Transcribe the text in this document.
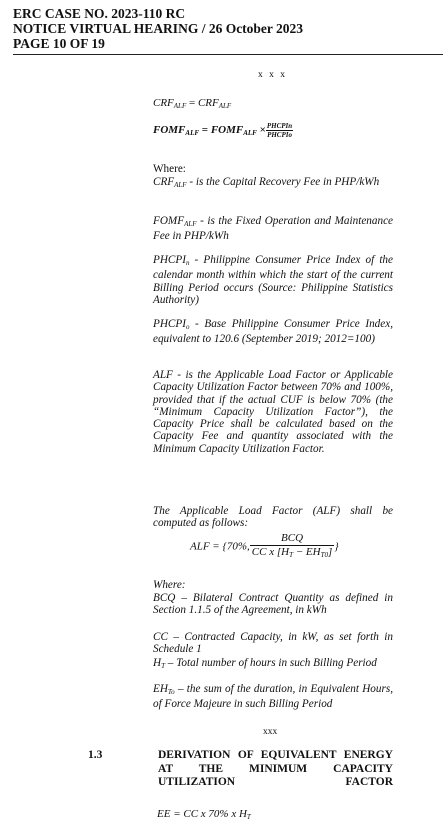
ERC CASE NO. 2023-110 RC
NOTICE VIRTUAL HEARING / 26 October 2023
PAGE 10 OF 19
x x x
$CRF_{ALF} = CRF_{ALF}$
$FOMF_{ALF}$ = $FOMF_{ALF} \times \frac{\text{PHCPIn}}{\text{PHCPIo}}$
Where:
$CRF_{ALF}$ - is the Capital Recovery Fee in PHP/kWh
$FOMF_{ALF}$ - is the Fixed Operation and Maintenance Fee in PHP/kWh
$PHCPI_n$ - Philippine Consumer Price Index of the calendar month within which the start of the current Billing Period occurs (Source: Philippine Statistics Authority)
$PHCPI_o$ - Base Philippine Consumer Price Index, equivalent to 120.6 (September 2019; 2012=100)
ALF - is the Applicable Load Factor or Applicable Capacity Utilization Factor between 70% and 100%, provided that if the actual CUF is below 70% (the “Minimum Capacity Utilization Factor”), the Capacity Price shall be calculated based on the Capacity Fee and quantity associated with the Minimum Capacity Utilization Factor.
The Applicable Load Factor (ALF) shall be computed as follows:
ALF = {70%, $\frac{\text{BCQ}}{CC x [H_T - EH_{T0}]}$ }
Where:
BCQ – Bilateral Contract Quantity as defined in Section 1.1.5 of the Agreement, in kWh
CC – Contracted Capacity, in kW, as set forth in Schedule 1
$H_T$ – Total number of hours in such Billing Period
$EH_{To}$ – the sum of the duration, in Equivalent Hours, of Force Majeure in such Billing Period
xxx
1.3	DERIVATION OF EQUIVALENT ENERGY AT THE MINIMUM CAPACITY UTILIZATION FACTOR
EE = CC x 70% x $H_T$
